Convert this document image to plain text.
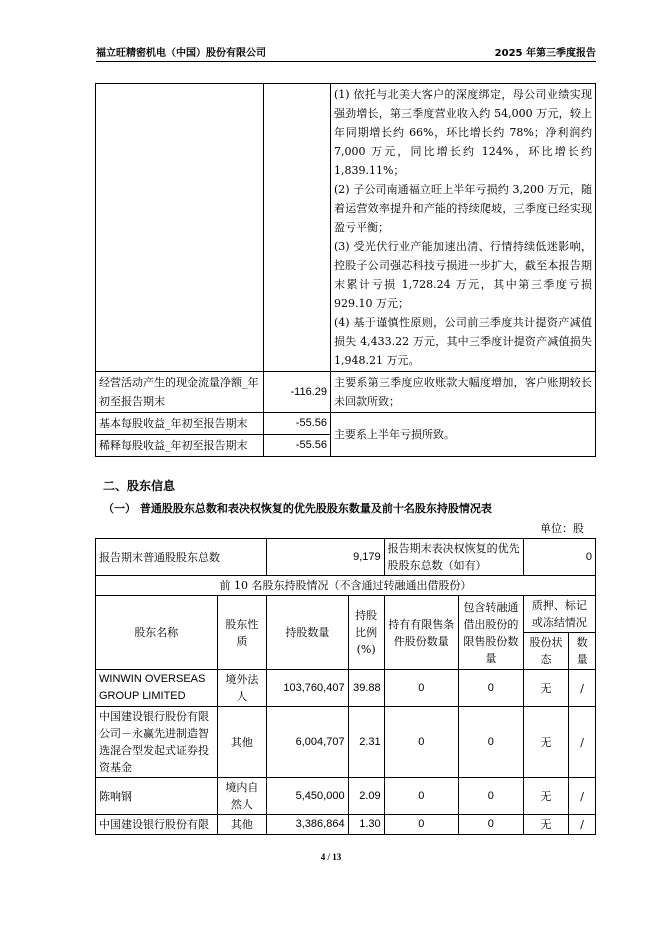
福立旺精密机电（中国）股份有限公司	2025 年第三季度报告

		(1) 依托与北美大客户的深度绑定，母公司业绩实现强劲增长，第三季度营业收入约 54,000 万元，较上年同期增长约 66%，环比增长约 78%；净利润约 7,000 万元，同比增长约 124%，环比增长约 1,839.11%；
(2) 子公司南通福立旺上半年亏损约 3,200 万元，随着运营效率提升和产能的持续爬坡，三季度已经实现盈亏平衡；
(3) 受光伏行业产能加速出清、行情持续低迷影响，控股子公司强芯科技亏损进一步扩大，截至本报告期末累计亏损 1,728.24 万元，其中第三季度亏损 929.10 万元；
(4) 基于谨慎性原则，公司前三季度共计提资产减值损失 4,433.22 万元，其中三季度计提资产减值损失 1,948.21 万元。

经营活动产生的现金流量净额_年初至报告期末	-116.29	主要系第三季度应收账款大幅度增加，客户账期较长未回款所致；
基本每股收益_年初至报告期末	-55.56	主要系上半年亏损所致。
稀释每股收益_年初至报告期末	-55.56	
二、股东信息
（一） 普通股股东总数和表决权恢复的优先股股东数量及前十名股东持股情况表
单位：股
报告期末普通股股东总数		9,179		报告期末表决权恢复的优先股股东总数（如有）		0	
前 10 名股东持股情况（不含通过转融通出借股份）							
股东名称	股东性质	持股数量	持股比例(%)	持有有限售条件股份数量	包含转融通借出股份的限售股份数量	质押、标记或冻结情况	
						股份状态	数量
WINWIN OVERSEAS GROUP LIMITED	境外法人	103,760,407	39.88	0	0	无	/
中国建设银行股份有限公司－永赢先进制造智选混合型发起式证券投资基金	其他	6,004,707	2.31	0	0	无	/
陈响钢	境内自然人	5,450,000	2.09	0	0	无	/
中国建设银行股份有限	其他	3,386,864	1.30	0	0	无	/
4 / 13
